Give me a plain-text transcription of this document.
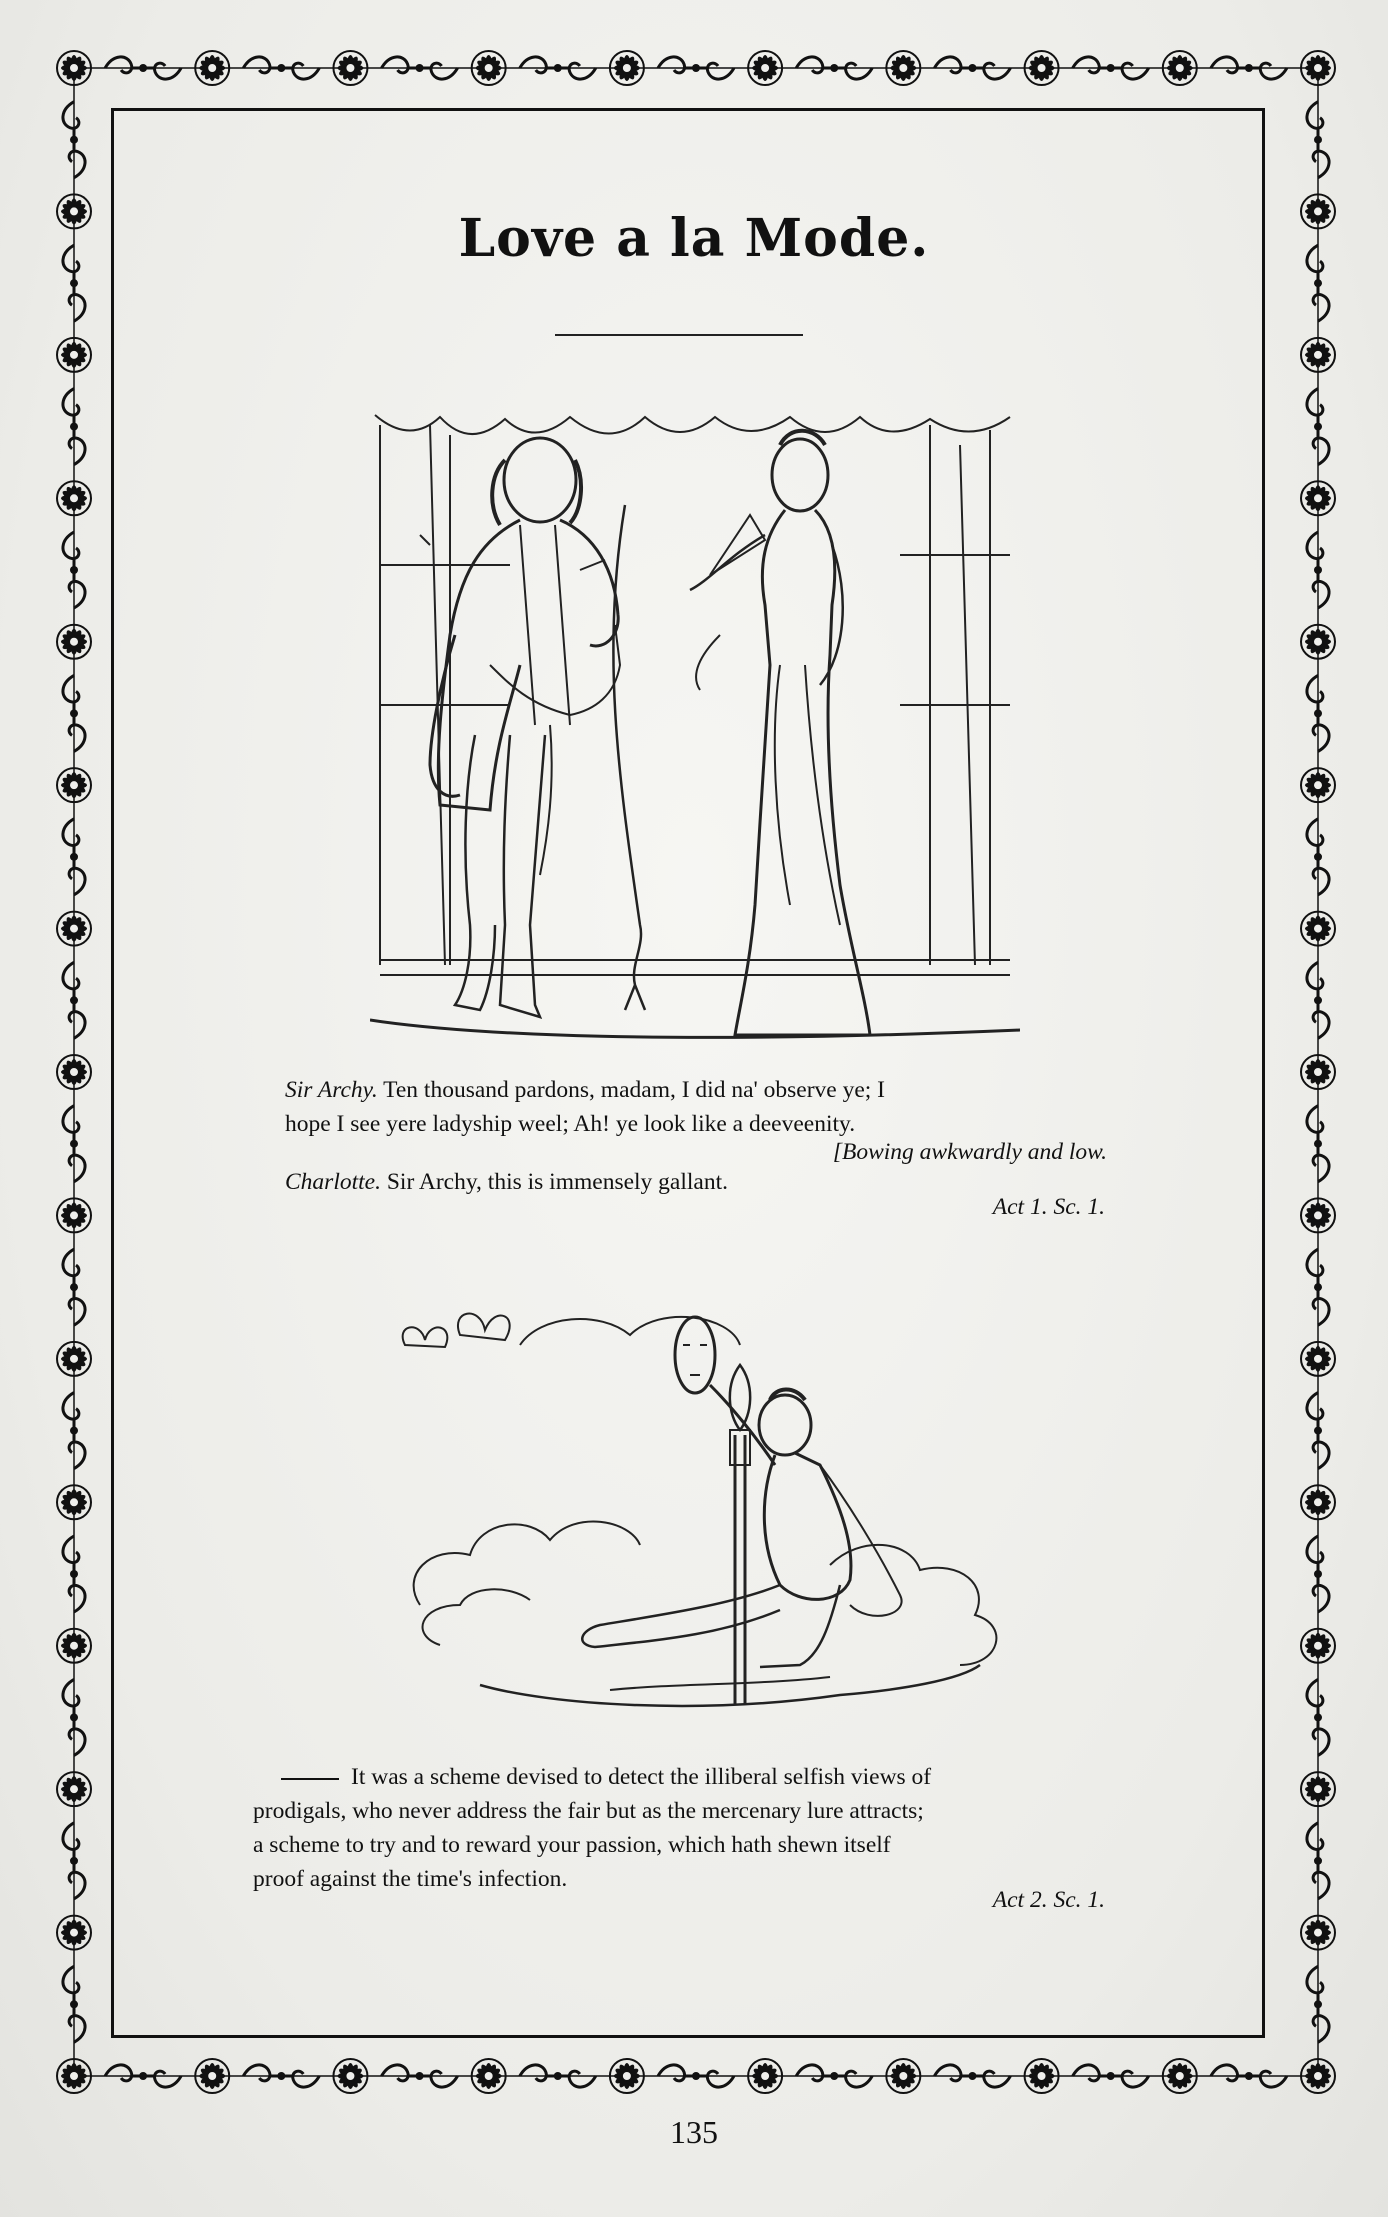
Love a la Mode.
Sir Archy. Ten thousand pardons, madam, I did na' observe ye; I
hope I see yere ladyship weel; Ah! ye look like a deeveenity.
[Bowing awkwardly and low.
Charlotte. Sir Archy, this is immensely gallant.
Act 1. Sc. 1.
It was a scheme devised to detect the illiberal selfish views of
prodigals, who never address the fair but as the mercenary lure attracts;
a scheme to try and to reward your passion, which hath shewn itself
proof against the time's infection.
Act 2. Sc. 1.
135
